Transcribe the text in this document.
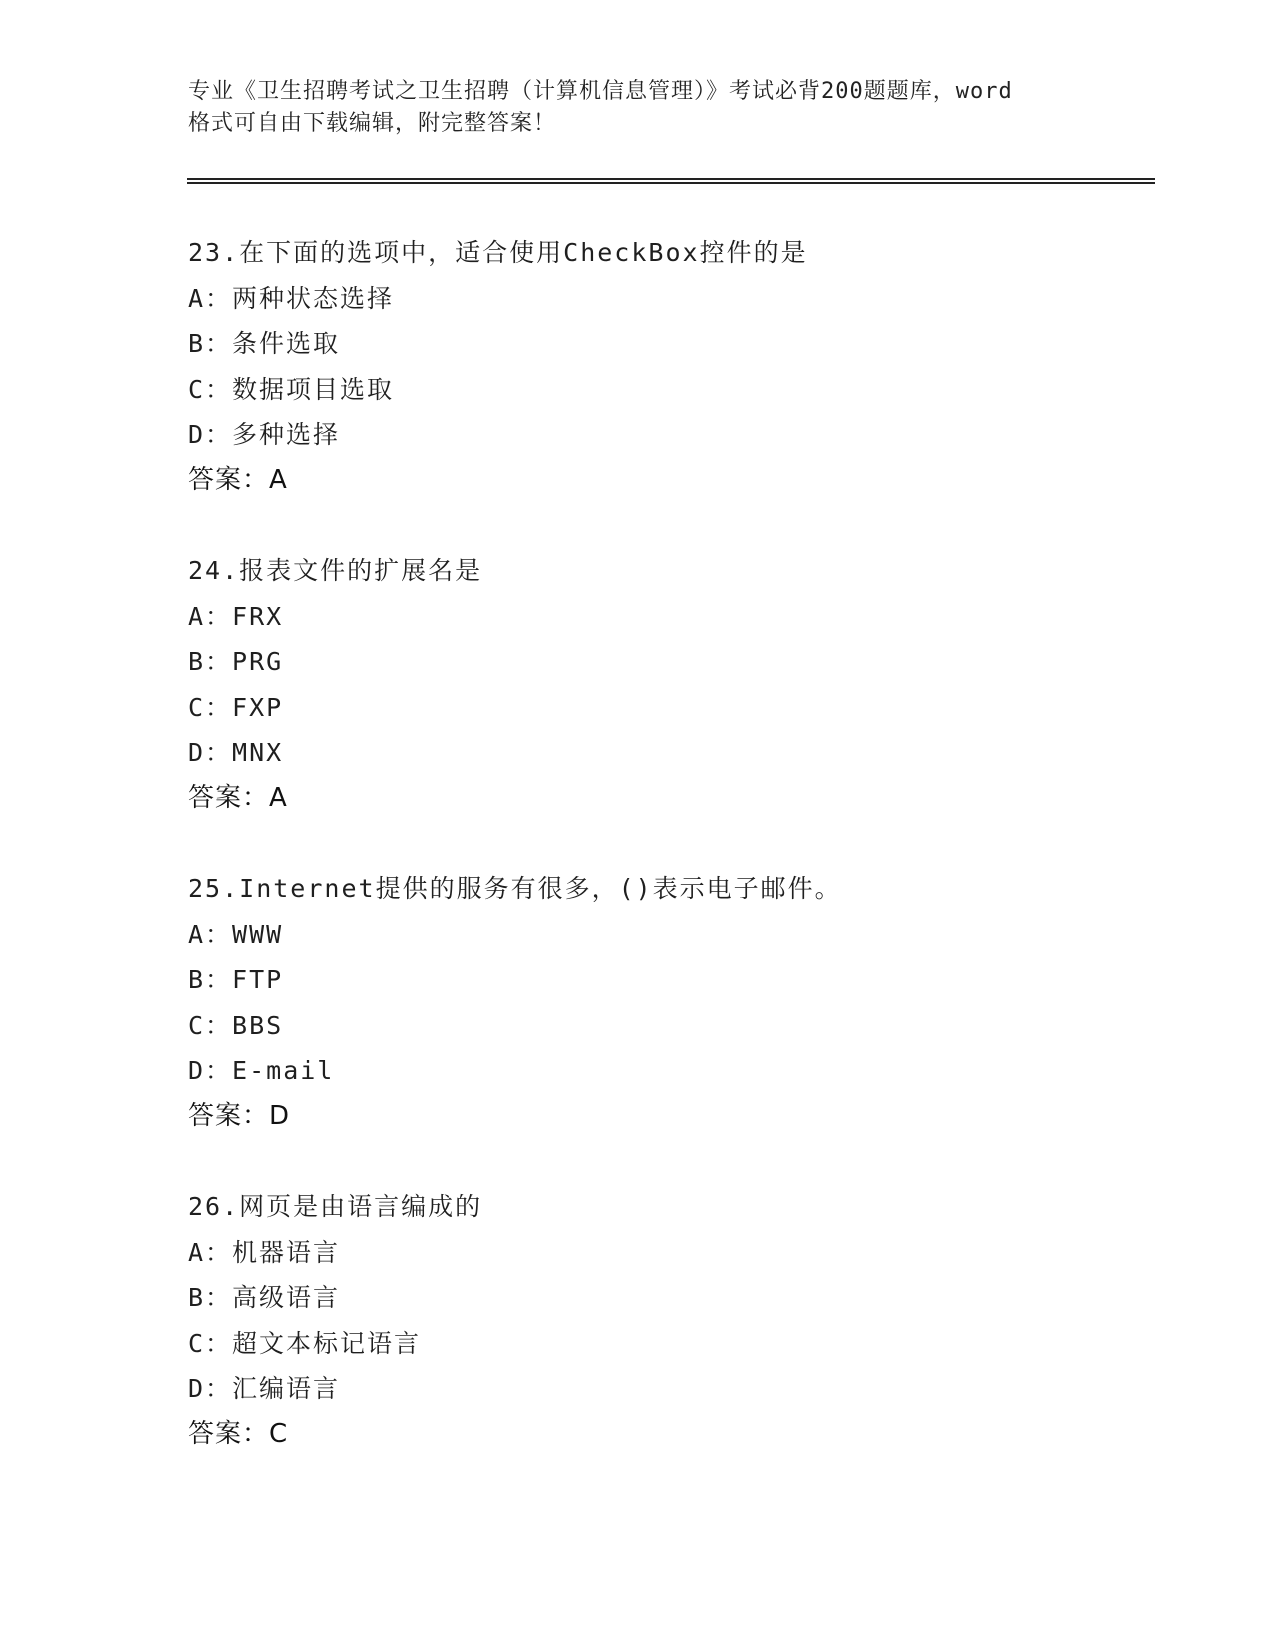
专业《卫生招聘考试之卫生招聘（计算机信息管理）》考试必背200题题库，word
格式可自由下载编辑，附完整答案！
23.在下面的选项中，适合使用CheckBox控件的是
A：两种状态选择
B：条件选取
C：数据项目选取
D：多种选择
答案：A
24.报表文件的扩展名是
A：FRX
B：PRG
C：FXP
D：MNX
答案：A
25.Internet提供的服务有很多，()表示电子邮件。
A：WWW
B：FTP
C：BBS
D：E-mail
答案：D
26.网页是由语言编成的
A：机器语言
B：高级语言
C：超文本标记语言
D：汇编语言
答案：C
